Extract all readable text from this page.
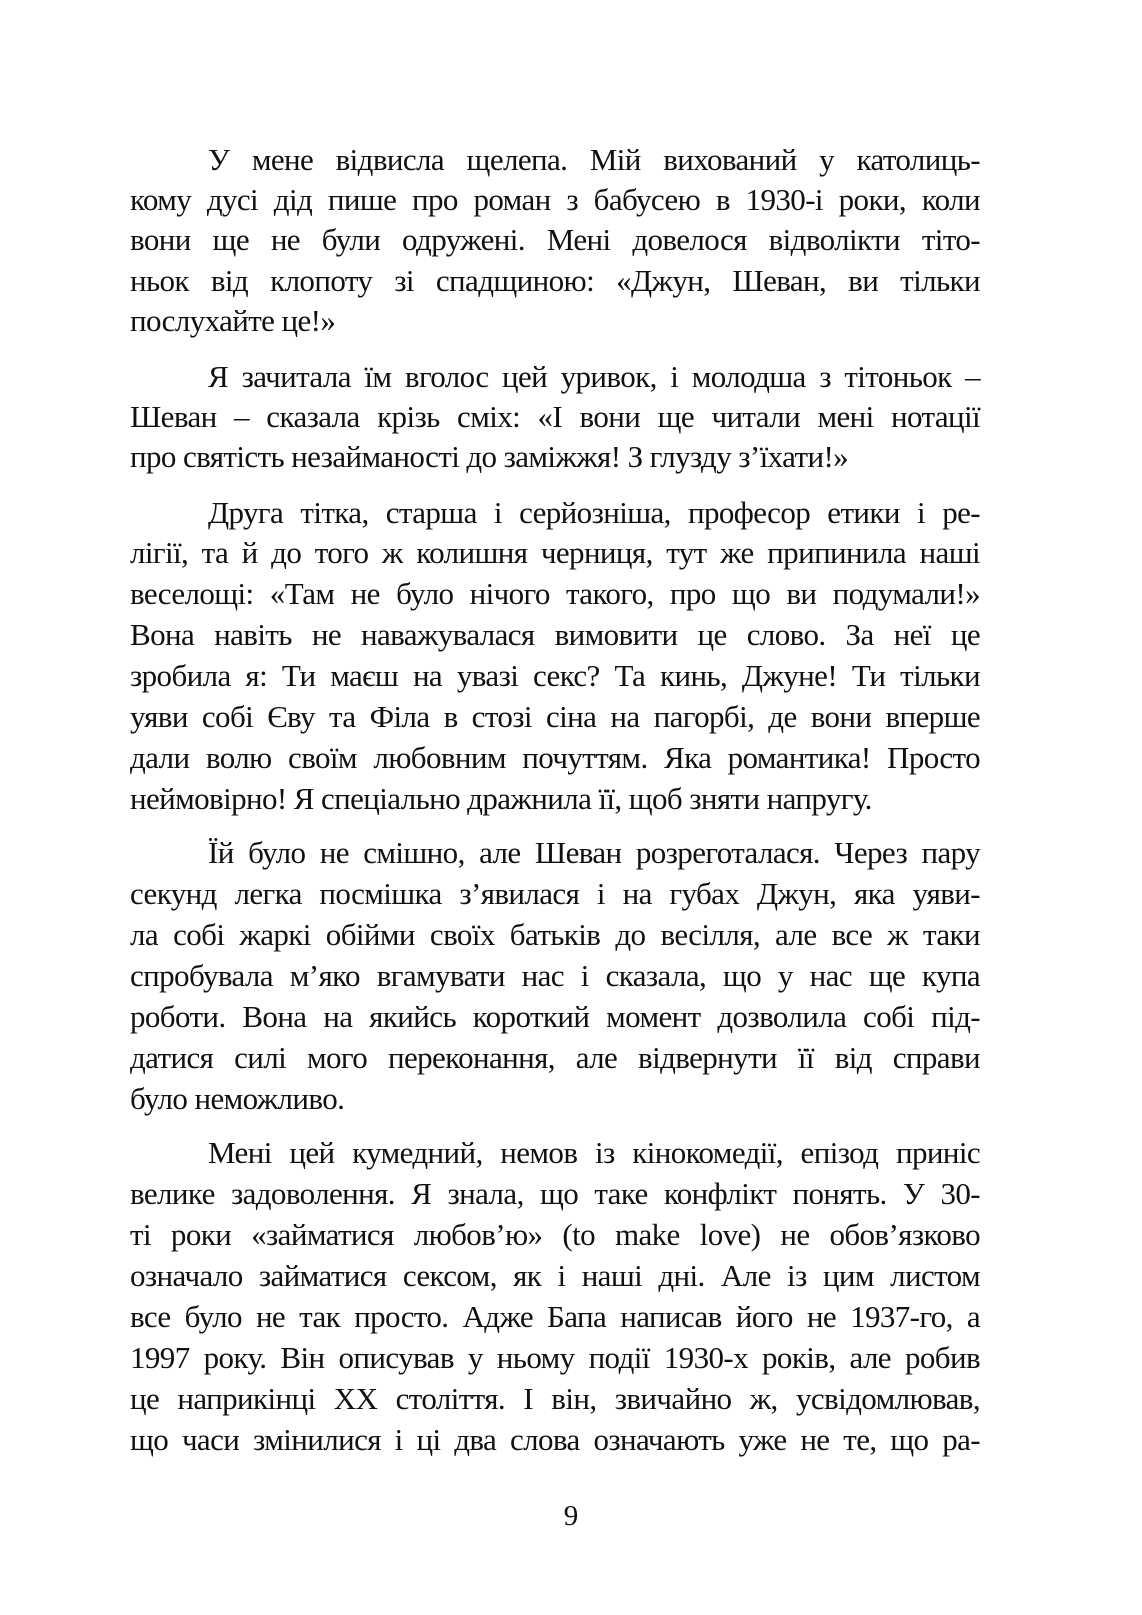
У мене відвисла щелепа. Мій вихований у католиць-
кому дусі дід пише про роман з бабусею в 1930-і роки, коли
вони ще не були одружені. Мені довелося відволікти тіто-
ньок від клопоту зі спадщиною: «Джун, Шеван, ви тільки
послухайте це!»
Я зачитала їм вголос цей уривок, і молодша з тітоньок –
Шеван – сказала крізь сміх: «І вони ще читали мені нотації
про святість незайманості до заміжжя! З глузду з’їхати!»
Друга тітка, старша і серйозніша, професор етики і ре-
лігії, та й до того ж колишня черниця, тут же припинила наші
веселощі: «Там не було нічого такого, про що ви подумали!»
Вона навіть не наважувалася вимовити це слово. За неї це
зробила я: Ти маєш на увазі секс? Та кинь, Джуне! Ти тільки
уяви собі Єву та Філа в стозі сіна на пагорбі, де вони вперше
дали волю своїм любовним почуттям. Яка романтика! Просто
неймовірно! Я спеціально дражнила її, щоб зняти напругу.
Їй було не смішно, але Шеван розреготалася. Через пару
секунд легка посмішка з’явилася і на губах Джун, яка уяви-
ла собі жаркі обійми своїх батьків до весілля, але все ж таки
спробувала м’яко вгамувати нас і сказала, що у нас ще купа
роботи. Вона на якийсь короткий момент дозволила собі під-
датися силі мого переконання, але відвернути її від справи
було неможливо.
Мені цей кумедний, немов із кінокомедії, епізод приніс
велике задоволення. Я знала, що таке конфлікт понять. У 30-
ті роки «займатися любов’ю» (to make love) не обов’язково
означало займатися сексом, як і наші дні. Але із цим листом
все було не так просто. Адже Бапа написав його не 1937-го, а
1997 року. Він описував у ньому події 1930-х років, але робив
це наприкінці ХХ століття. І він, звичайно ж, усвідомлював,
що часи змінилися і ці два слова означають уже не те, що ра-
9
